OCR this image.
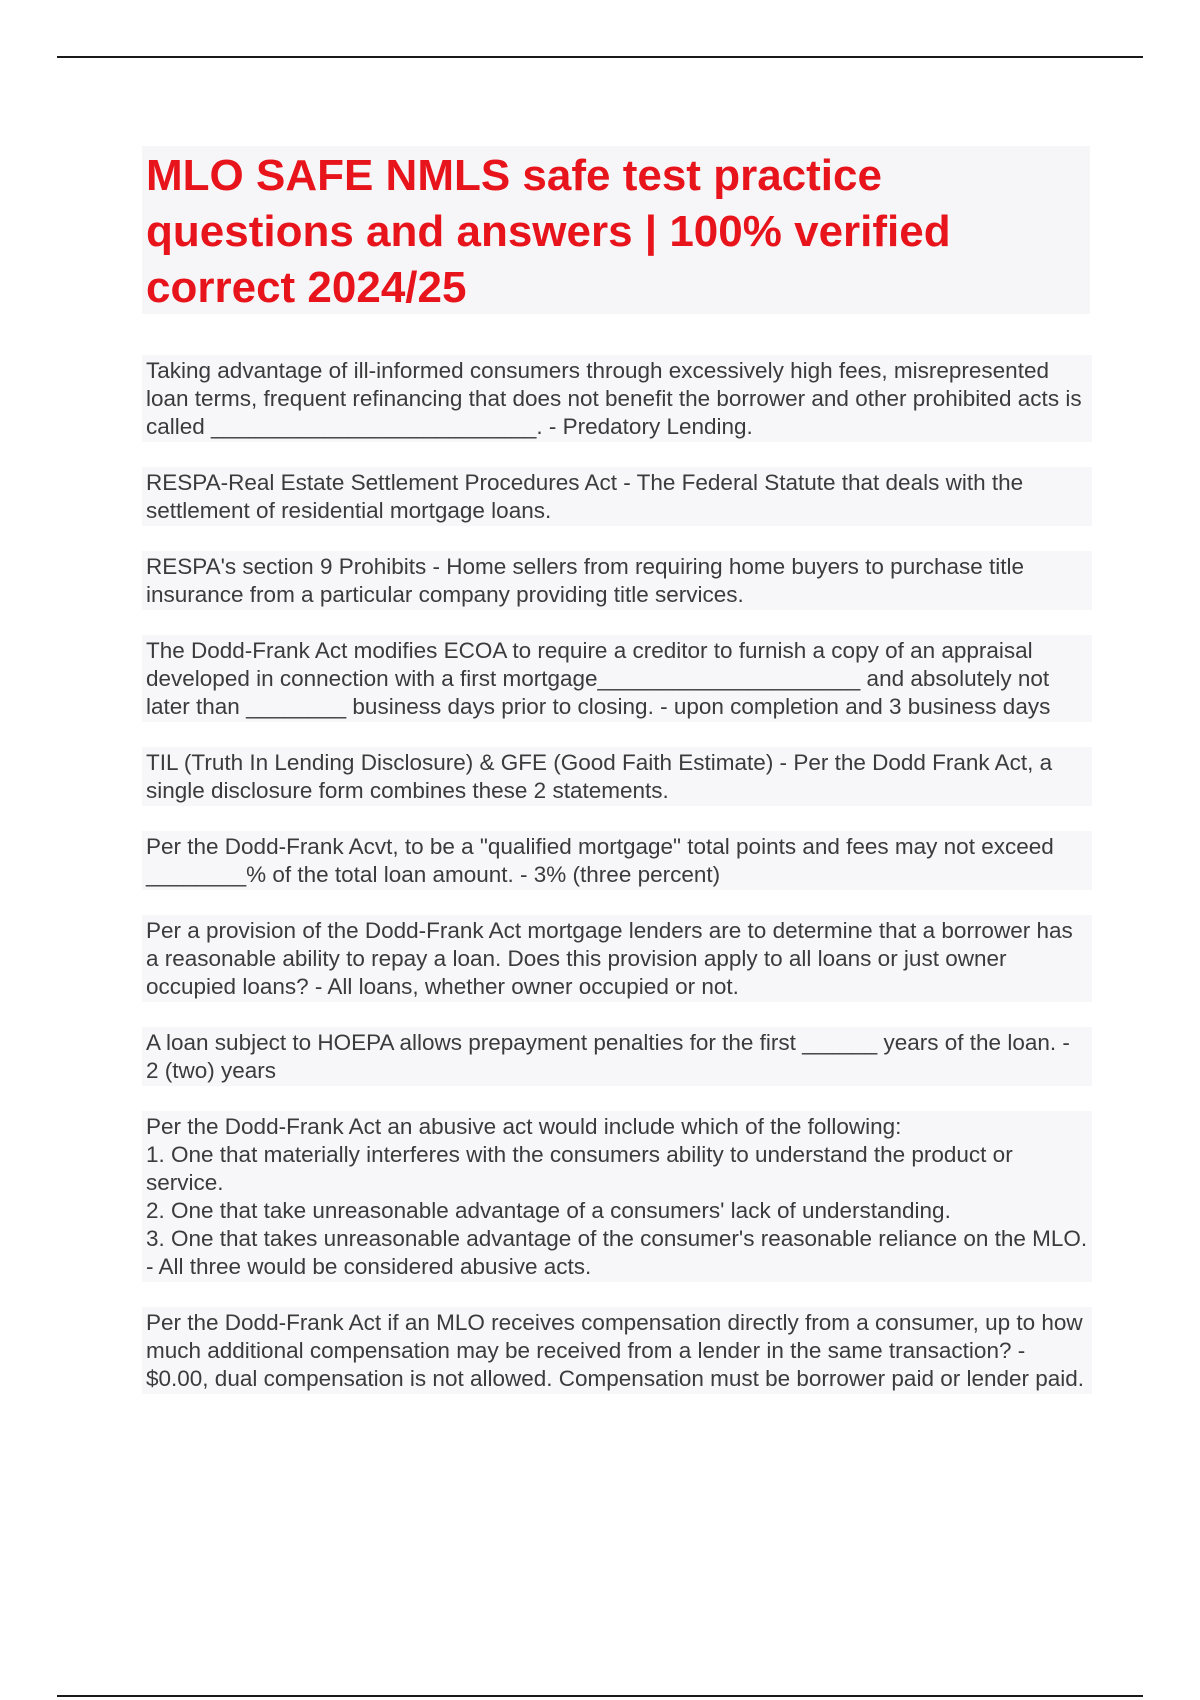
MLO SAFE NMLS safe test practice questions and answers | 100% verified correct 2024/25

Taking advantage of ill-informed consumers through excessively high fees, misrepresented loan terms, frequent refinancing that does not benefit the borrower and other prohibited acts is called __________________________. - Predatory Lending.

RESPA-Real Estate Settlement Procedures Act - The Federal Statute that deals with the settlement of residential mortgage loans.

RESPA's section 9 Prohibits - Home sellers from requiring home buyers to purchase title insurance from a particular company providing title services.

The Dodd-Frank Act modifies ECOA to require a creditor to furnish a copy of an appraisal developed in connection with a first mortgage_____________________ and absolutely not later than ________ business days prior to closing. - upon completion and 3 business days

TIL (Truth In Lending Disclosure) & GFE (Good Faith Estimate) - Per the Dodd Frank Act, a single disclosure form combines these 2 statements.

Per the Dodd-Frank Acvt, to be a "qualified mortgage" total points and fees may not exceed ________% of the total loan amount. - 3% (three percent)

Per a provision of the Dodd-Frank Act mortgage lenders are to determine that a borrower has a reasonable ability to repay a loan. Does this provision apply to all loans or just owner occupied loans? - All loans, whether owner occupied or not.

A loan subject to HOEPA allows prepayment penalties for the first ______ years of the loan. - 2 (two) years

Per the Dodd-Frank Act an abusive act would include which of the following:
1. One that materially interferes with the consumers ability to understand the product or service.
2. One that take unreasonable advantage of a consumers' lack of understanding.
3. One that takes unreasonable advantage of the consumer's reasonable reliance on the MLO. - All three would be considered abusive acts.

Per the Dodd-Frank Act if an MLO receives compensation directly from a consumer, up to how much additional compensation may be received from a lender in the same transaction? - $0.00, dual compensation is not allowed. Compensation must be borrower paid or lender paid.
